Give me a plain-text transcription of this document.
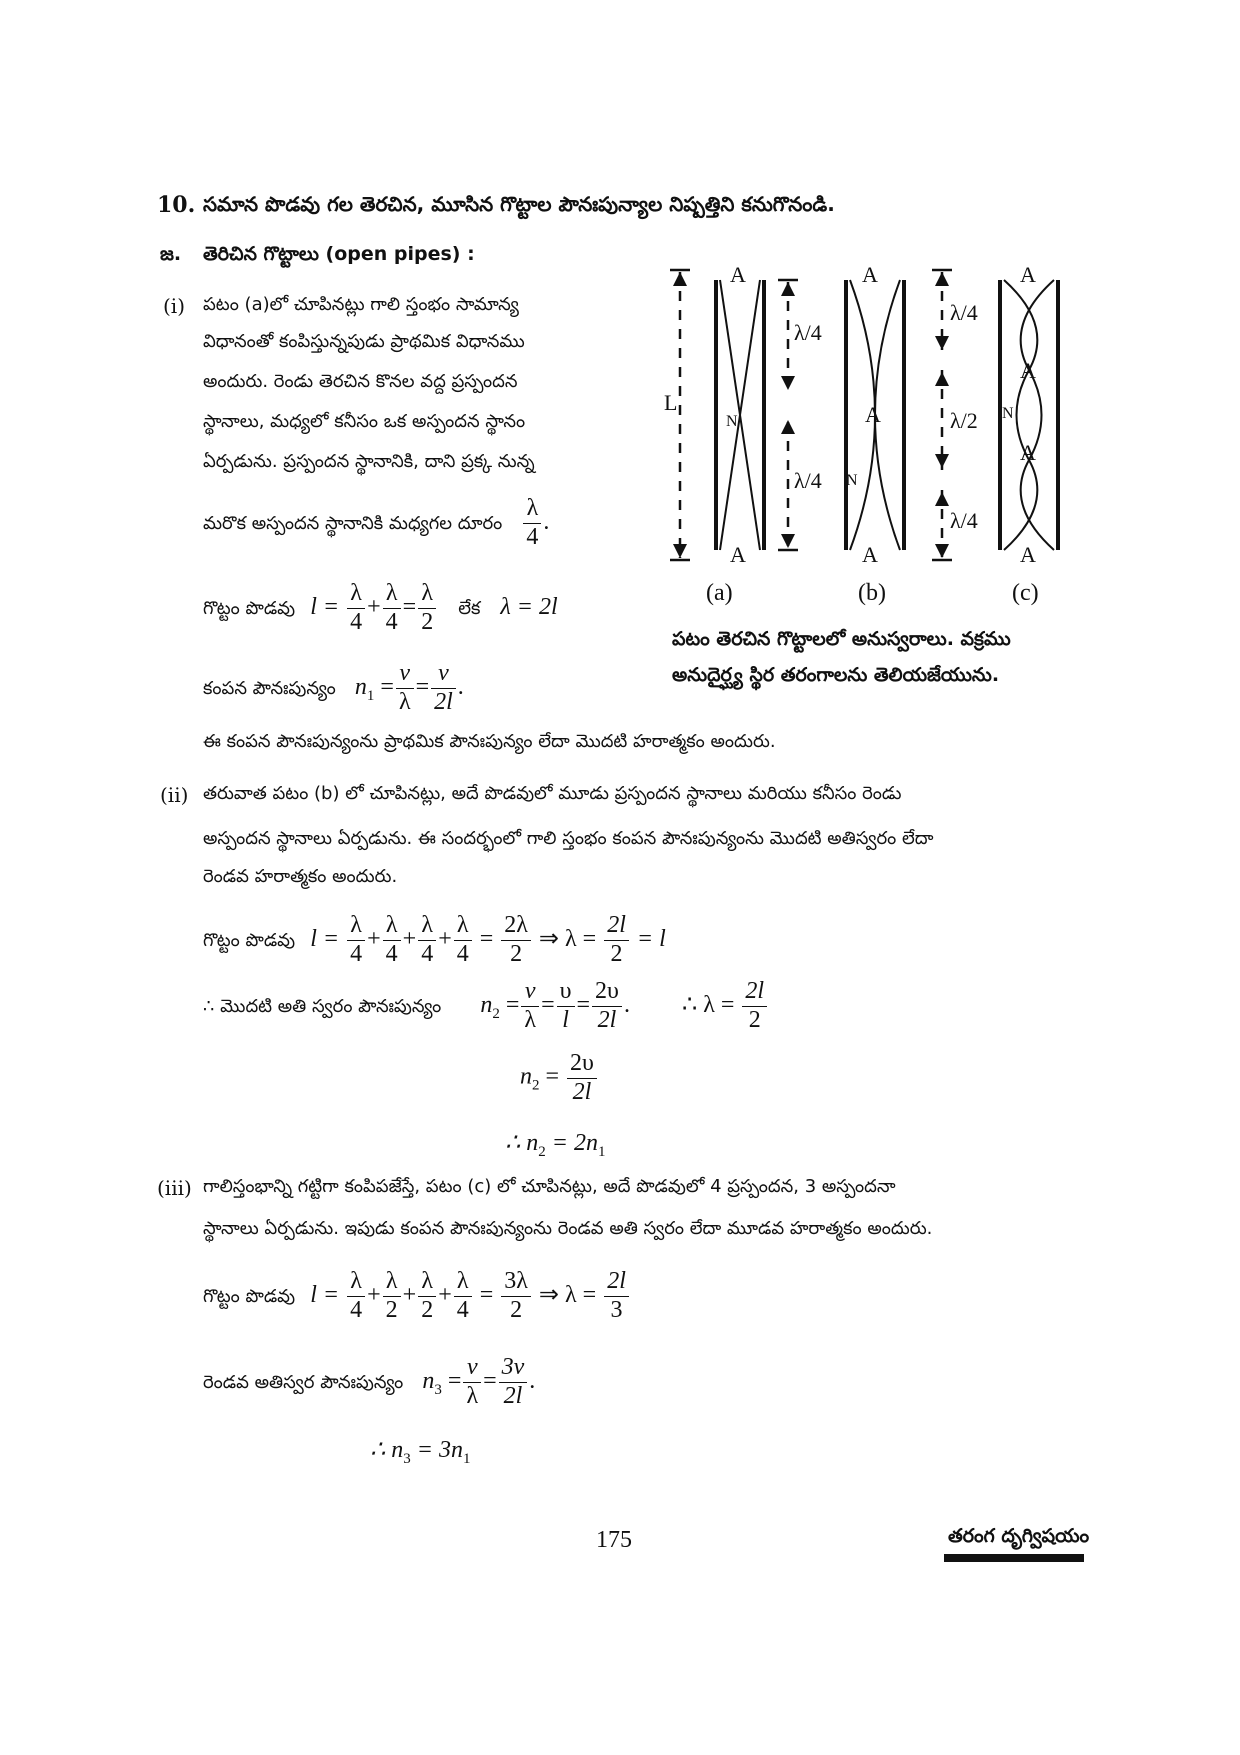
10. సమాన పొడవు గల తెరచిన, మూసిన గొట్టాల పౌనఃపున్యాల నిష్పత్తిని కనుగొనండి.
జ. తెరిచిన గొట్టాలు (open pipes) :
(i) పటం (a)లో చూపినట్లు గాలి స్తంభం సామాన్య
విధానంతో కంపిస్తున్నపుడు ప్రాథమిక విధానము
అందురు. రెండు తెరచిన కొనల వద్ద ప్రస్పందన
స్థానాలు, మధ్యలో కనీసం ఒక అస్పందన స్థానం
ఏర్పడును. ప్రస్పందన స్థానానికి, దాని ప్రక్క నున్న
మరొక అస్పందన స్థానానికి మధ్యగల దూరం $\frac{\lambda}{4}$ .
గొట్టం పొడవు $l = \frac{\lambda}{4} + \frac{\lambda}{4} = \frac{\lambda}{2}$ లేక λ = 2l
కంపన పౌనఃపున్యం $n_1 = \frac{v}{\lambda} = \frac{v}{2l}$ .
ఈ కంపన పౌనఃపున్యంను ప్రాథమిక పౌనఃపున్యం లేదా మొదటి హరాత్మకం అందురు.
A
A
N
L
A
A
A
N
A
A
A
A
N
λ/4
λ/4
λ/4
λ/2
λ/4
(a)	(b)	(c)
పటం తెరచిన గొట్టాలలో అనుస్వరాలు. వక్రము
అనుదైర్ఘ్య స్థిర తరంగాలను తెలియజేయును.
(ii) తరువాత పటం (b) లో చూపినట్లు, అదే పొడవులో మూడు ప్రస్పందన స్థానాలు మరియు కనీసం రెండు
అస్పందన స్థానాలు ఏర్పడును. ఈ సందర్భంలో గాలి స్తంభం కంపన పౌనఃపున్యంను మొదటి అతిస్వరం లేదా
రెండవ హరాత్మకం అందురు.
గొట్టం పొడవు $l = \frac{\lambda}{4} + \frac{\lambda}{4} + \frac{\lambda}{4} + \frac{\lambda}{4} = \frac{2\lambda}{2}$ ⇒ $\lambda = \frac{2l}{2} = l$
∴ మొదటి అతి స్వరం పౌనఃపున్యం $n_2 = \frac{v}{\lambda} = \frac{\upsilon}{l} = \frac{2\upsilon}{2l}$ . ∴ $\lambda = \frac{2l}{2}$
$n_2 = \frac{2\upsilon}{2l}$
∴ $n_2 = 2n_1$
(iii) గాలిస్తంభాన్ని గట్టిగా కంపిపజేస్తే, పటం (c) లో చూపినట్లు, అదే పొడవులో 4 ప్రస్పందన, 3 అస్పందనా
స్థానాలు ఏర్పడును. ఇపుడు కంపన పౌనఃపున్యంను రెండవ అతి స్వరం లేదా మూడవ హరాత్మకం అందురు.
గొట్టం పొడవు $l = \frac{\lambda}{4} + \frac{\lambda}{2} + \frac{\lambda}{2} + \frac{\lambda}{4} = \frac{3\lambda}{2}$ ⇒ $\lambda = \frac{2l}{3}$
రెండవ అతిస్వర పౌనఃపున్యం $n_3 = \frac{v}{\lambda} = \frac{3v}{2l}$ .
∴ $n_3 = 3n_1$
175	తరంగ దృగ్విషయం
